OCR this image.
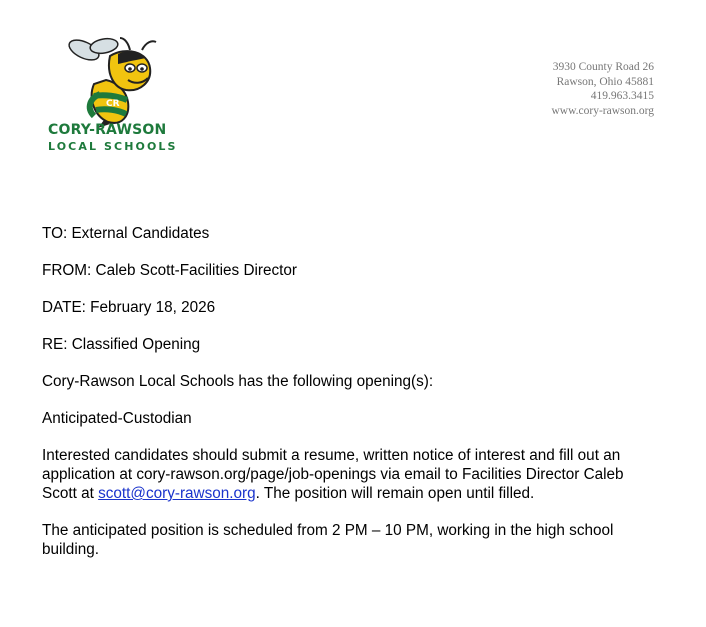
CR
CORY-RAWSON
LOCAL SCHOOLS
3930 County Road 26
Rawson, Ohio 45881
419.963.3415
www.cory-rawson.org

TO: External Candidates

FROM: Caleb Scott-Facilities Director

DATE: February 18, 2026

RE: Classified Opening

Cory-Rawson Local Schools has the following opening(s):

Anticipated-Custodian

Interested candidates should submit a resume, written notice of interest and fill out an application at cory-rawson.org/page/job-openings via email to Facilities Director Caleb Scott at scott@cory-rawson.org. The position will remain open until filled.

The anticipated position is scheduled from 2 PM – 10 PM, working in the high school building.
